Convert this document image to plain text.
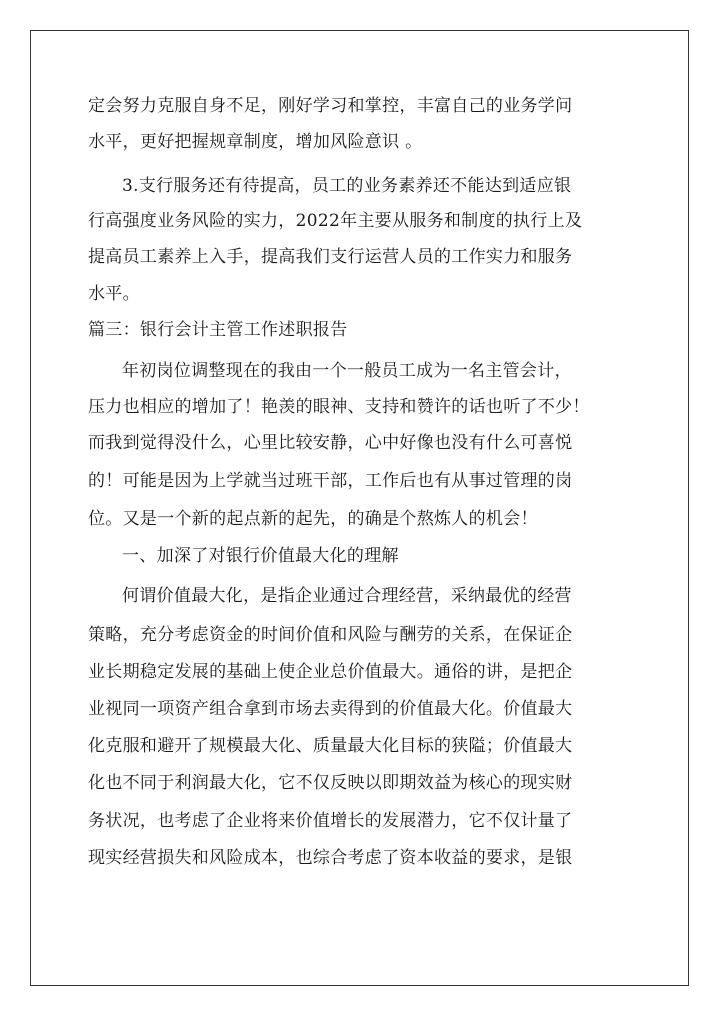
定会努力克服自身不足，刚好学习和掌控，丰富自己的业务学问
水平，更好把握规章制度，增加风险意识 。
3.支行服务还有待提高，员工的业务素养还不能达到适应银
行高强度业务风险的实力，2022年主要从服务和制度的执行上及
提高员工素养上入手，提高我们支行运营人员的工作实力和服务
水平。
篇三：银行会计主管工作述职报告
年初岗位调整现在的我由一个一般员工成为一名主管会计，
压力也相应的增加了！艳羡的眼神、支持和赞许的话也听了不少！
而我到觉得没什么，心里比较安静，心中好像也没有什么可喜悦
的！可能是因为上学就当过班干部，工作后也有从事过管理的岗
位。又是一个新的起点新的起先，的确是个熬炼人的机会！
一、加深了对银行价值最大化的理解
何谓价值最大化，是指企业通过合理经营，采纳最优的经营
策略，充分考虑资金的时间价值和风险与酬劳的关系，在保证企
业长期稳定发展的基础上使企业总价值最大。通俗的讲，是把企
业视同一项资产组合拿到市场去卖得到的价值最大化。价值最大
化克服和避开了规模最大化、质量最大化目标的狭隘；价值最大
化也不同于利润最大化，它不仅反映以即期效益为核心的现实财
务状况，也考虑了企业将来价值增长的发展潜力，它不仅计量了
现实经营损失和风险成本，也综合考虑了资本收益的要求，是银
